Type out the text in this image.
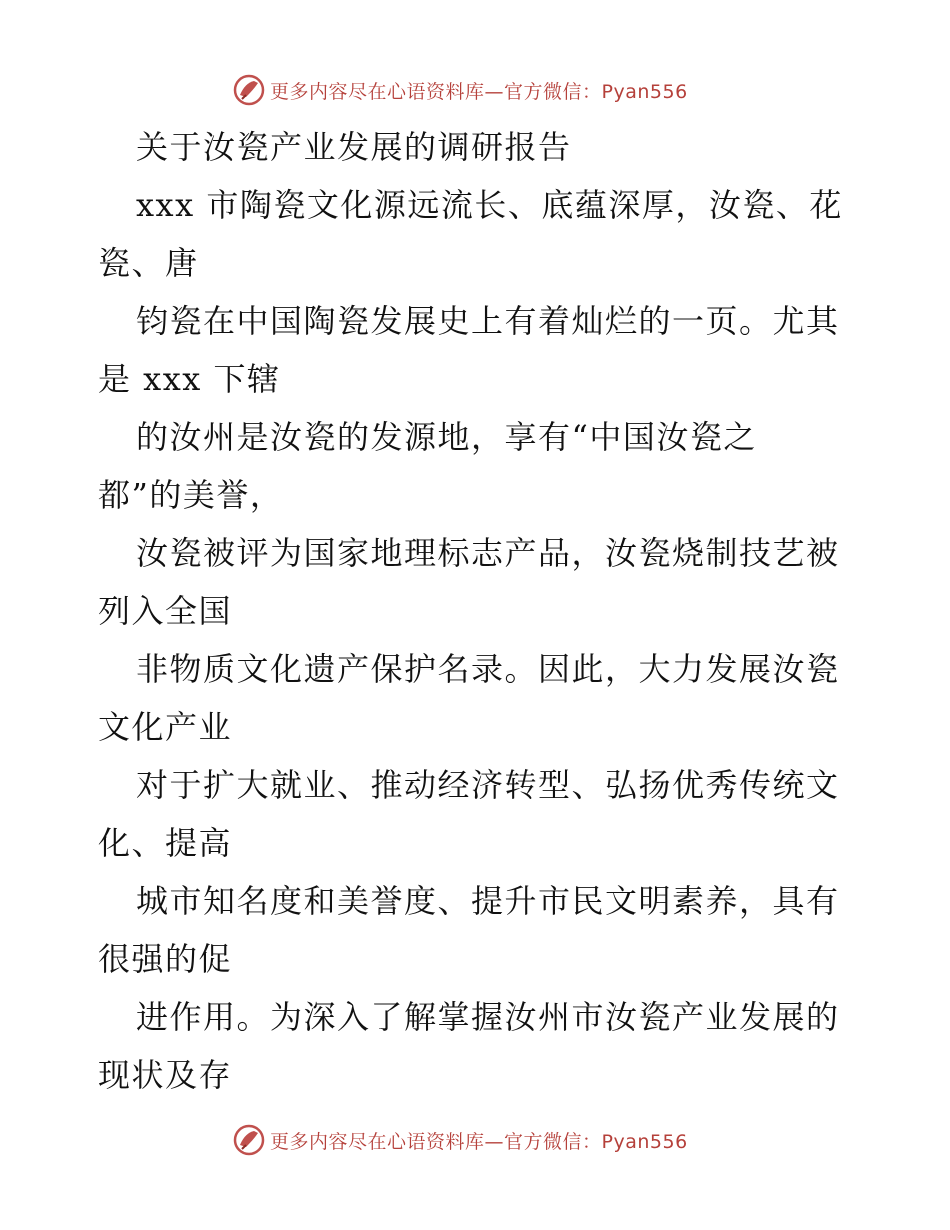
更多内容尽在心语资料库—官方微信：Pyan556
关于汝瓷产业发展的调研报告
xxx 市陶瓷文化源远流长、底蕴深厚，汝瓷、花
瓷、唐
钧瓷在中国陶瓷发展史上有着灿烂的一页。尤其
是 xxx 下辖
的汝州是汝瓷的发源地，享有“中国汝瓷之
都”的美誉，
汝瓷被评为国家地理标志产品，汝瓷烧制技艺被
列入全国
非物质文化遗产保护名录。因此，大力发展汝瓷
文化产业
对于扩大就业、推动经济转型、弘扬优秀传统文
化、提高
城市知名度和美誉度、提升市民文明素养，具有
很强的促
进作用。为深入了解掌握汝州市汝瓷产业发展的
现状及存
更多内容尽在心语资料库—官方微信：Pyan556
